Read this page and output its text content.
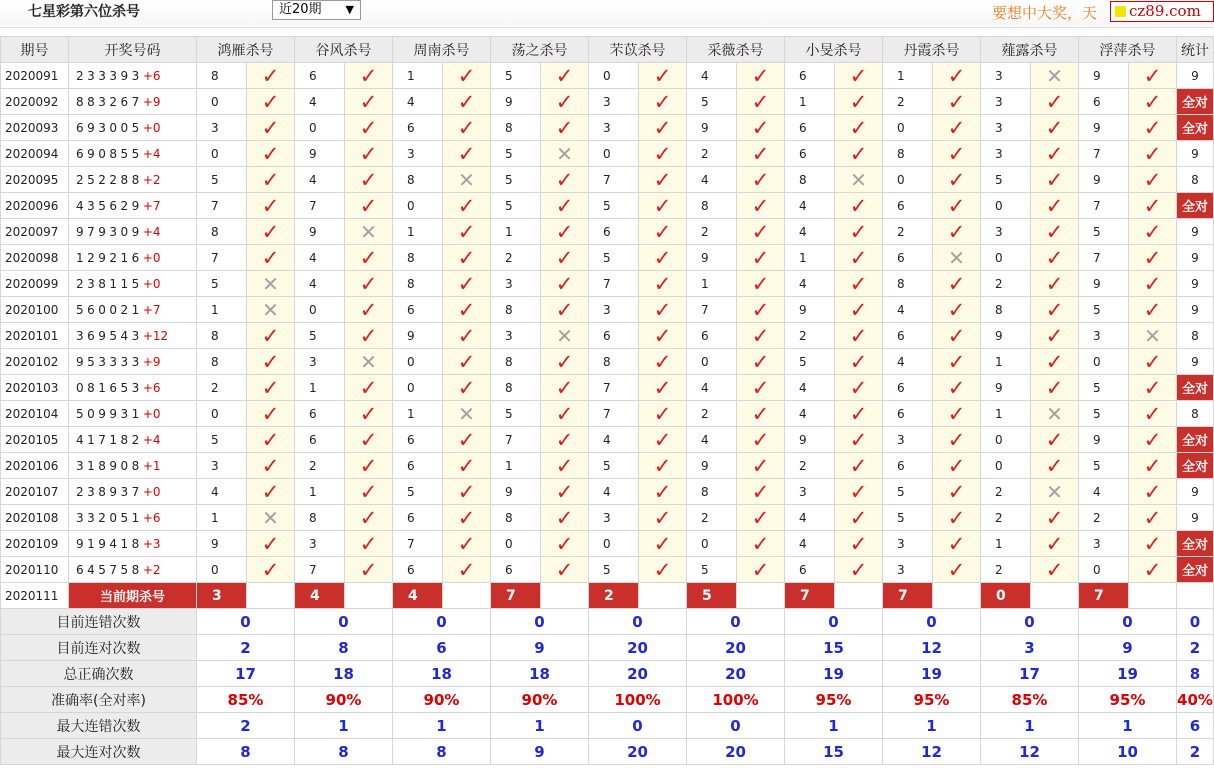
七星彩第六位杀号	近20期 ▼	要想中大奖，天	cz89.com
期号	开奖号码	鸿雁杀号		谷风杀号		周南杀号		荡之杀号		芣苡杀号		采薇杀号		小旻杀号		丹霞杀号		薤露杀号		浮萍杀号		统计
2020091	233393+6	8	✓	6	✓	1	✓	5	✓	0	✓	4	✓	6	✓	1	✓	3	✕	9	✓	9
2020092	883267+9	0	✓	4	✓	4	✓	9	✓	3	✓	5	✓	1	✓	2	✓	3	✓	6	✓	全对
2020093	693005+0	3	✓	0	✓	6	✓	8	✓	3	✓	9	✓	6	✓	0	✓	3	✓	9	✓	全对
2020094	690855+4	0	✓	9	✓	3	✓	5	✕	0	✓	2	✓	6	✓	8	✓	3	✓	7	✓	9
2020095	252288+2	5	✓	4	✓	8	✕	5	✓	7	✓	4	✓	8	✕	0	✓	5	✓	9	✓	8
2020096	435629+7	7	✓	7	✓	0	✓	5	✓	5	✓	8	✓	4	✓	6	✓	0	✓	7	✓	全对
2020097	979309+4	8	✓	9	✕	1	✓	1	✓	6	✓	2	✓	4	✓	2	✓	3	✓	5	✓	9
2020098	129216+0	7	✓	4	✓	8	✓	2	✓	5	✓	9	✓	1	✓	6	✕	0	✓	7	✓	9
2020099	238115+0	5	✕	4	✓	8	✓	3	✓	7	✓	1	✓	4	✓	8	✓	2	✓	9	✓	9
2020100	560021+7	1	✕	0	✓	6	✓	8	✓	3	✓	7	✓	9	✓	4	✓	8	✓	5	✓	9
2020101	369543+12	8	✓	5	✓	9	✓	3	✕	6	✓	6	✓	2	✓	6	✓	9	✓	3	✕	8
2020102	953333+9	8	✓	3	✕	0	✓	8	✓	8	✓	0	✓	5	✓	4	✓	1	✓	0	✓	9
2020103	081653+6	2	✓	1	✓	0	✓	8	✓	7	✓	4	✓	4	✓	6	✓	9	✓	5	✓	全对
2020104	509931+0	0	✓	6	✓	1	✕	5	✓	7	✓	2	✓	4	✓	6	✓	1	✕	5	✓	8
2020105	417182+4	5	✓	6	✓	6	✓	7	✓	4	✓	4	✓	9	✓	3	✓	0	✓	9	✓	全对
2020106	318908+1	3	✓	2	✓	6	✓	1	✓	5	✓	9	✓	2	✓	6	✓	0	✓	5	✓	全对
2020107	238937+0	4	✓	1	✓	5	✓	9	✓	4	✓	8	✓	3	✓	5	✓	2	✕	4	✓	9
2020108	332051+6	1	✕	8	✓	6	✓	8	✓	3	✓	2	✓	4	✓	5	✓	2	✓	2	✓	9
2020109	919418+3	9	✓	3	✓	7	✓	0	✓	0	✓	0	✓	4	✓	3	✓	1	✓	3	✓	全对
2020110	645758+2	0	✓	7	✓	6	✓	6	✓	5	✓	5	✓	6	✓	3	✓	2	✓	0	✓	全对
2020111	当前期杀号	3		4		4		7		2		5		7		7		0		7		
目前连错次数		0		0		0		0		0		0		0		0		0		0		0
目前连对次数		2		8		6		9		20		20		15		12		3		9		2
总正确次数		17		18		18		18		20		20		19		19		17		19		8
准确率(全对率)		85%		90%		90%		90%		100%		100%		95%		95%		85%		95%		40%
最大连错次数		2		1		1		1		0		0		1		1		1		1		6
最大连对次数		8		8		8		9		20		20		15		12		12		10		2
